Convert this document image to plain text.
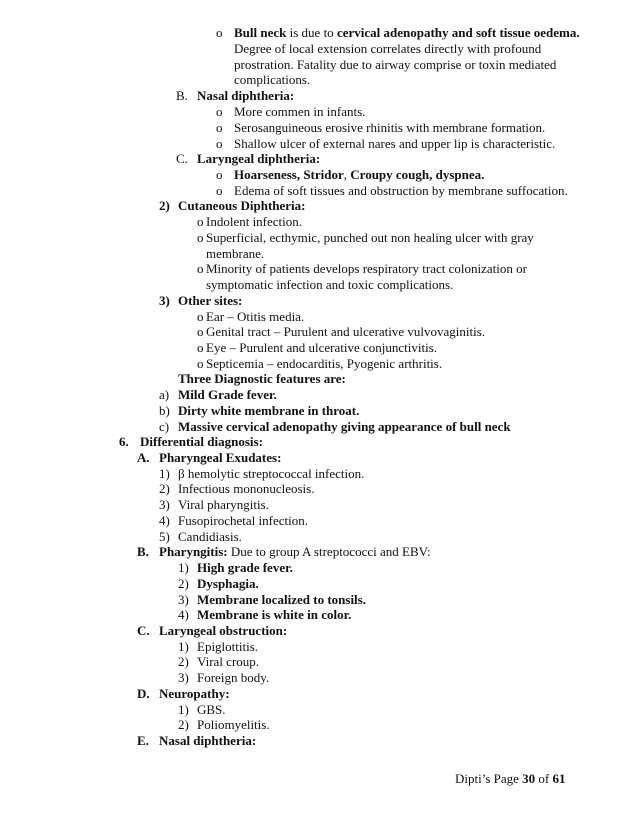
o Bull neck is due to cervical adenopathy and soft tissue oedema.
Degree of local extension correlates directly with profound
prostration. Fatality due to airway comprise or toxin mediated
complications.
B. Nasal diphtheria:
o More commen in infants.
o Serosanguineous erosive rhinitis with membrane formation.
o Shallow ulcer of external nares and upper lip is characteristic.
C. Laryngeal diphtheria:
o Hoarseness, Stridor, Croupy cough, dyspnea.
o Edema of soft tissues and obstruction by membrane suffocation.
2) Cutaneous Diphtheria:
o Indolent infection.
o Superficial, ecthymic, punched out non healing ulcer with gray
membrane.
o Minority of patients develops respiratory tract colonization or
symptomatic infection and toxic complications.
3) Other sites:
o Ear – Otitis media.
o Genital tract – Purulent and ulcerative vulvovaginitis.
o Eye – Purulent and ulcerative conjunctivitis.
o Septicemia – endocarditis, Pyogenic arthritis.
Three Diagnostic features are:
a) Mild Grade fever.
b) Dirty white membrane in throat.
c) Massive cervical adenopathy giving appearance of bull neck
6. Differential diagnosis:
A. Pharyngeal Exudates:
1) β hemolytic streptococcal infection.
2) Infectious mononucleosis.
3) Viral pharyngitis.
4) Fusopirochetal infection.
5) Candidiasis.
B. Pharyngitis: Due to group A streptococci and EBV:
1) High grade fever.
2) Dysphagia.
3) Membrane localized to tonsils.
4) Membrane is white in color.
C. Laryngeal obstruction:
1) Epiglottitis.
2) Viral croup.
3) Foreign body.
D. Neuropathy:
1) GBS.
2) Poliomyelitis.
E. Nasal diphtheria:
Dipti’s Page 30 of 61
